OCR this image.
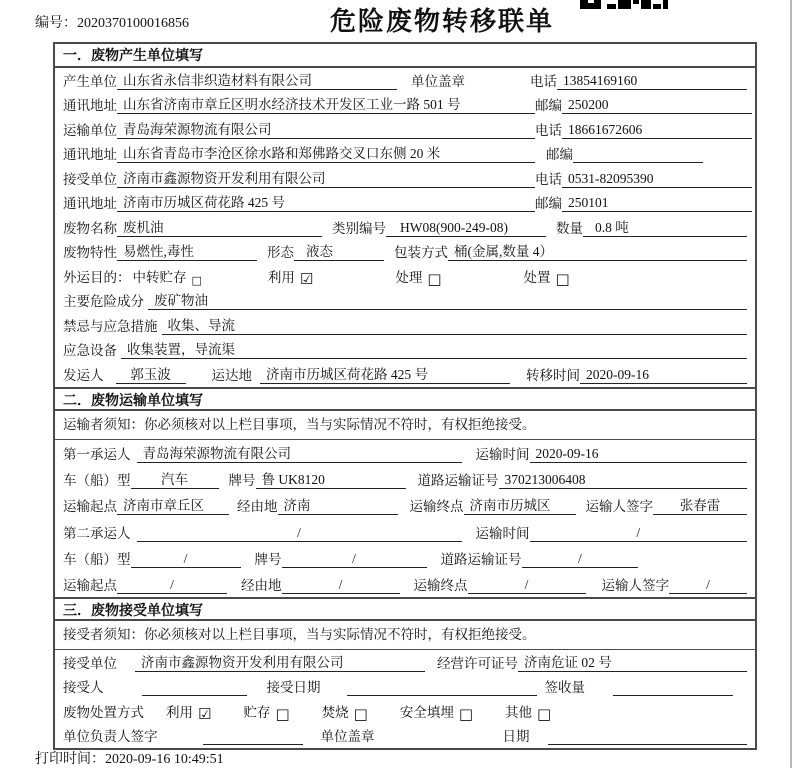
编号：2020370100016856	危险废物转移联单
一．废物产生单位填写
产生单位 山东省永信非织造材料有限公司	单位盖章	电话 13854169160
通讯地址 山东省济南市章丘区明水经济技术开发区工业一路 501 号	邮编 250200
运输单位 青岛海荣源物流有限公司	电话 18661672606
通讯地址 山东省青岛市李沧区徐水路和郑佛路交叉口东侧 20 米	邮编
接受单位 济南市鑫源物资开发利用有限公司	电话 0531-82095390
通讯地址 济南市历城区荷花路 425 号	邮编 250101
废物名称 废机油	类别编号	HW08(900-249-08)	数量 0.8 吨
废物特性 易燃性,毒性	形态 液态	包装方式 桶(金属,数量 4）
外运目的： 中转贮存 □	利用 ☑	处理 □	处置 □
主要危险成分 废矿物油
禁忌与应急措施 收集、导流
应急设备 收集装置，导流渠
发运人	郭玉波	运达地	济南市历城区荷花路 425 号	转移时间 2020-09-16
二．废物运输单位填写
运输者须知：你必须核对以上栏目事项，当与实际情况不符时，有权拒绝接受。
第一承运人 青岛海荣源物流有限公司	运输时间 2020-09-16
车（船）型	汽车	牌号 鲁 UK8120	道路运输证号 370213006408
运输起点 济南市章丘区	经由地 济南	运输终点 济南市历城区	运输人签字	张春雷
第二承运人	/	运输时间	/
车（船）型	/	牌号	/	道路运输证号	/
运输起点	/	经由地	/	运输终点	/	运输人签字	/
三．废物接受单位填写
接受者须知：你必须核对以上栏目事项，当与实际情况不符时，有权拒绝接受。
接受单位	济南市鑫源物资开发利用有限公司	经营许可证号 济南危证 02 号
接受人	接受日期	签收量
废物处置方式 利用 ☑ 贮存 □ 焚烧 □ 安全填埋 □ 其他 □
单位负责人签字	单位盖章	日期
打印时间：2020-09-16 10:49:51
